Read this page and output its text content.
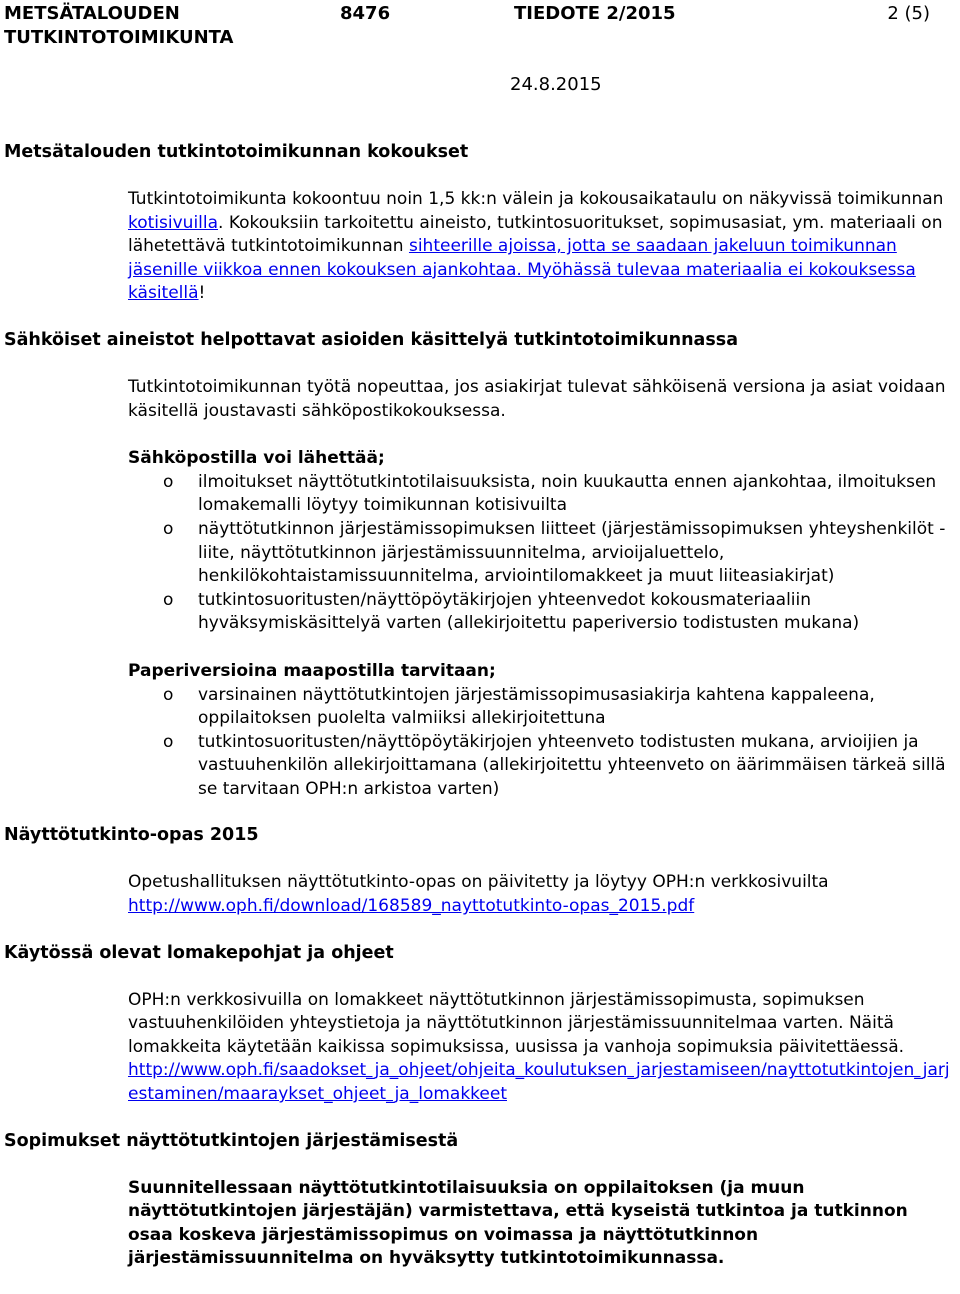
METSÄTALOUDEN
TUTKINTOTOIMIKUNTA
8476	TIEDOTE 2/2015	2 (5)
24.8.2015
Metsätalouden tutkintotoimikunnan kokoukset

Tutkintotoimikunta kokoontuu noin 1,5 kk:n välein ja kokousaikataulu on näkyvissä toimikunnan kotisivuilla. Kokouksiin tarkoitettu aineisto, tutkintosuoritukset, sopimusasiat, ym. materiaali on lähetettävä tutkintotoimikunnan sihteerille ajoissa, jotta se saadaan jakeluun toimikunnan jäsenille viikkoa ennen kokouksen ajankohtaa. Myöhässä tulevaa materiaalia ei kokouksessa käsitellä!

Sähköiset aineistot helpottavat asioiden käsittelyä tutkintotoimikunnassa

Tutkintotoimikunnan työtä nopeuttaa, jos asiakirjat tulevat sähköisenä versiona ja asiat voidaan käsitellä joustavasti sähköpostikokouksessa.

Sähköpostilla voi lähettää;

o ilmoitukset näyttötutkintotilaisuuksista, noin kuukautta ennen ajankohtaa, ilmoituksen lomakemalli löytyy toimikunnan kotisivuilta
o näyttötutkinnon järjestämissopimuksen liitteet (järjestämissopimuksen yhteyshenkilöt -liite, näyttötutkinnon järjestämissuunnitelma, arvioijaluettelo, henkilökohtaistamissuunnitelma, arviointilomakkeet ja muut liiteasiakirjat)
o tutkintosuoritusten/näyttöpöytäkirjojen yhteenvedot kokousmateriaaliin hyväksymiskäsittelyä varten (allekirjoitettu paperiversio todistusten mukana)

Paperiversioina maapostilla tarvitaan;

o varsinainen näyttötutkintojen järjestämissopimusasiakirja kahtena kappaleena, oppilaitoksen puolelta valmiiksi allekirjoitettuna
o tutkintosuoritusten/näyttöpöytäkirjojen yhteenveto todistusten mukana, arvioijien ja vastuuhenkilön allekirjoittamana (allekirjoitettu yhteenveto on äärimmäisen tärkeä sillä se tarvitaan OPH:n arkistoa varten)
Näyttötutkinto-opas 2015

Opetushallituksen näyttötutkinto-opas on päivitetty ja löytyy OPH:n verkkosivuilta

http://www.oph.fi/download/168589_nayttotutkinto-opas_2015.pdf

Käytössä olevat lomakepohjat ja ohjeet

OPH:n verkkosivuilla on lomakkeet näyttötutkinnon järjestämissopimusta, sopimuksen vastuuhenkilöiden yhteystietoja ja näyttötutkinnon järjestämissuunnitelmaa varten. Näitä lomakkeita käytetään kaikissa sopimuksissa, uusissa ja vanhoja sopimuksia päivitettäessä.

http://www.oph.fi/saadokset_ja_ohjeet/ohjeita_koulutuksen_jarjestamiseen/nayttotutkintojen_jarjestaminen/maaraykset_ohjeet_ja_lomakkeet

Sopimukset näyttötutkintojen järjestämisestä

Suunnitellessaan näyttötutkintotilaisuuksia on oppilaitoksen (ja muun näyttötutkintojen järjestäjän) varmistettava, että kyseistä tutkintoa ja tutkinnon osaa koskeva järjestämissopimus on voimassa ja näyttötutkinnon järjestämissuunnitelma on hyväksytty tutkintotoimikunnassa.
